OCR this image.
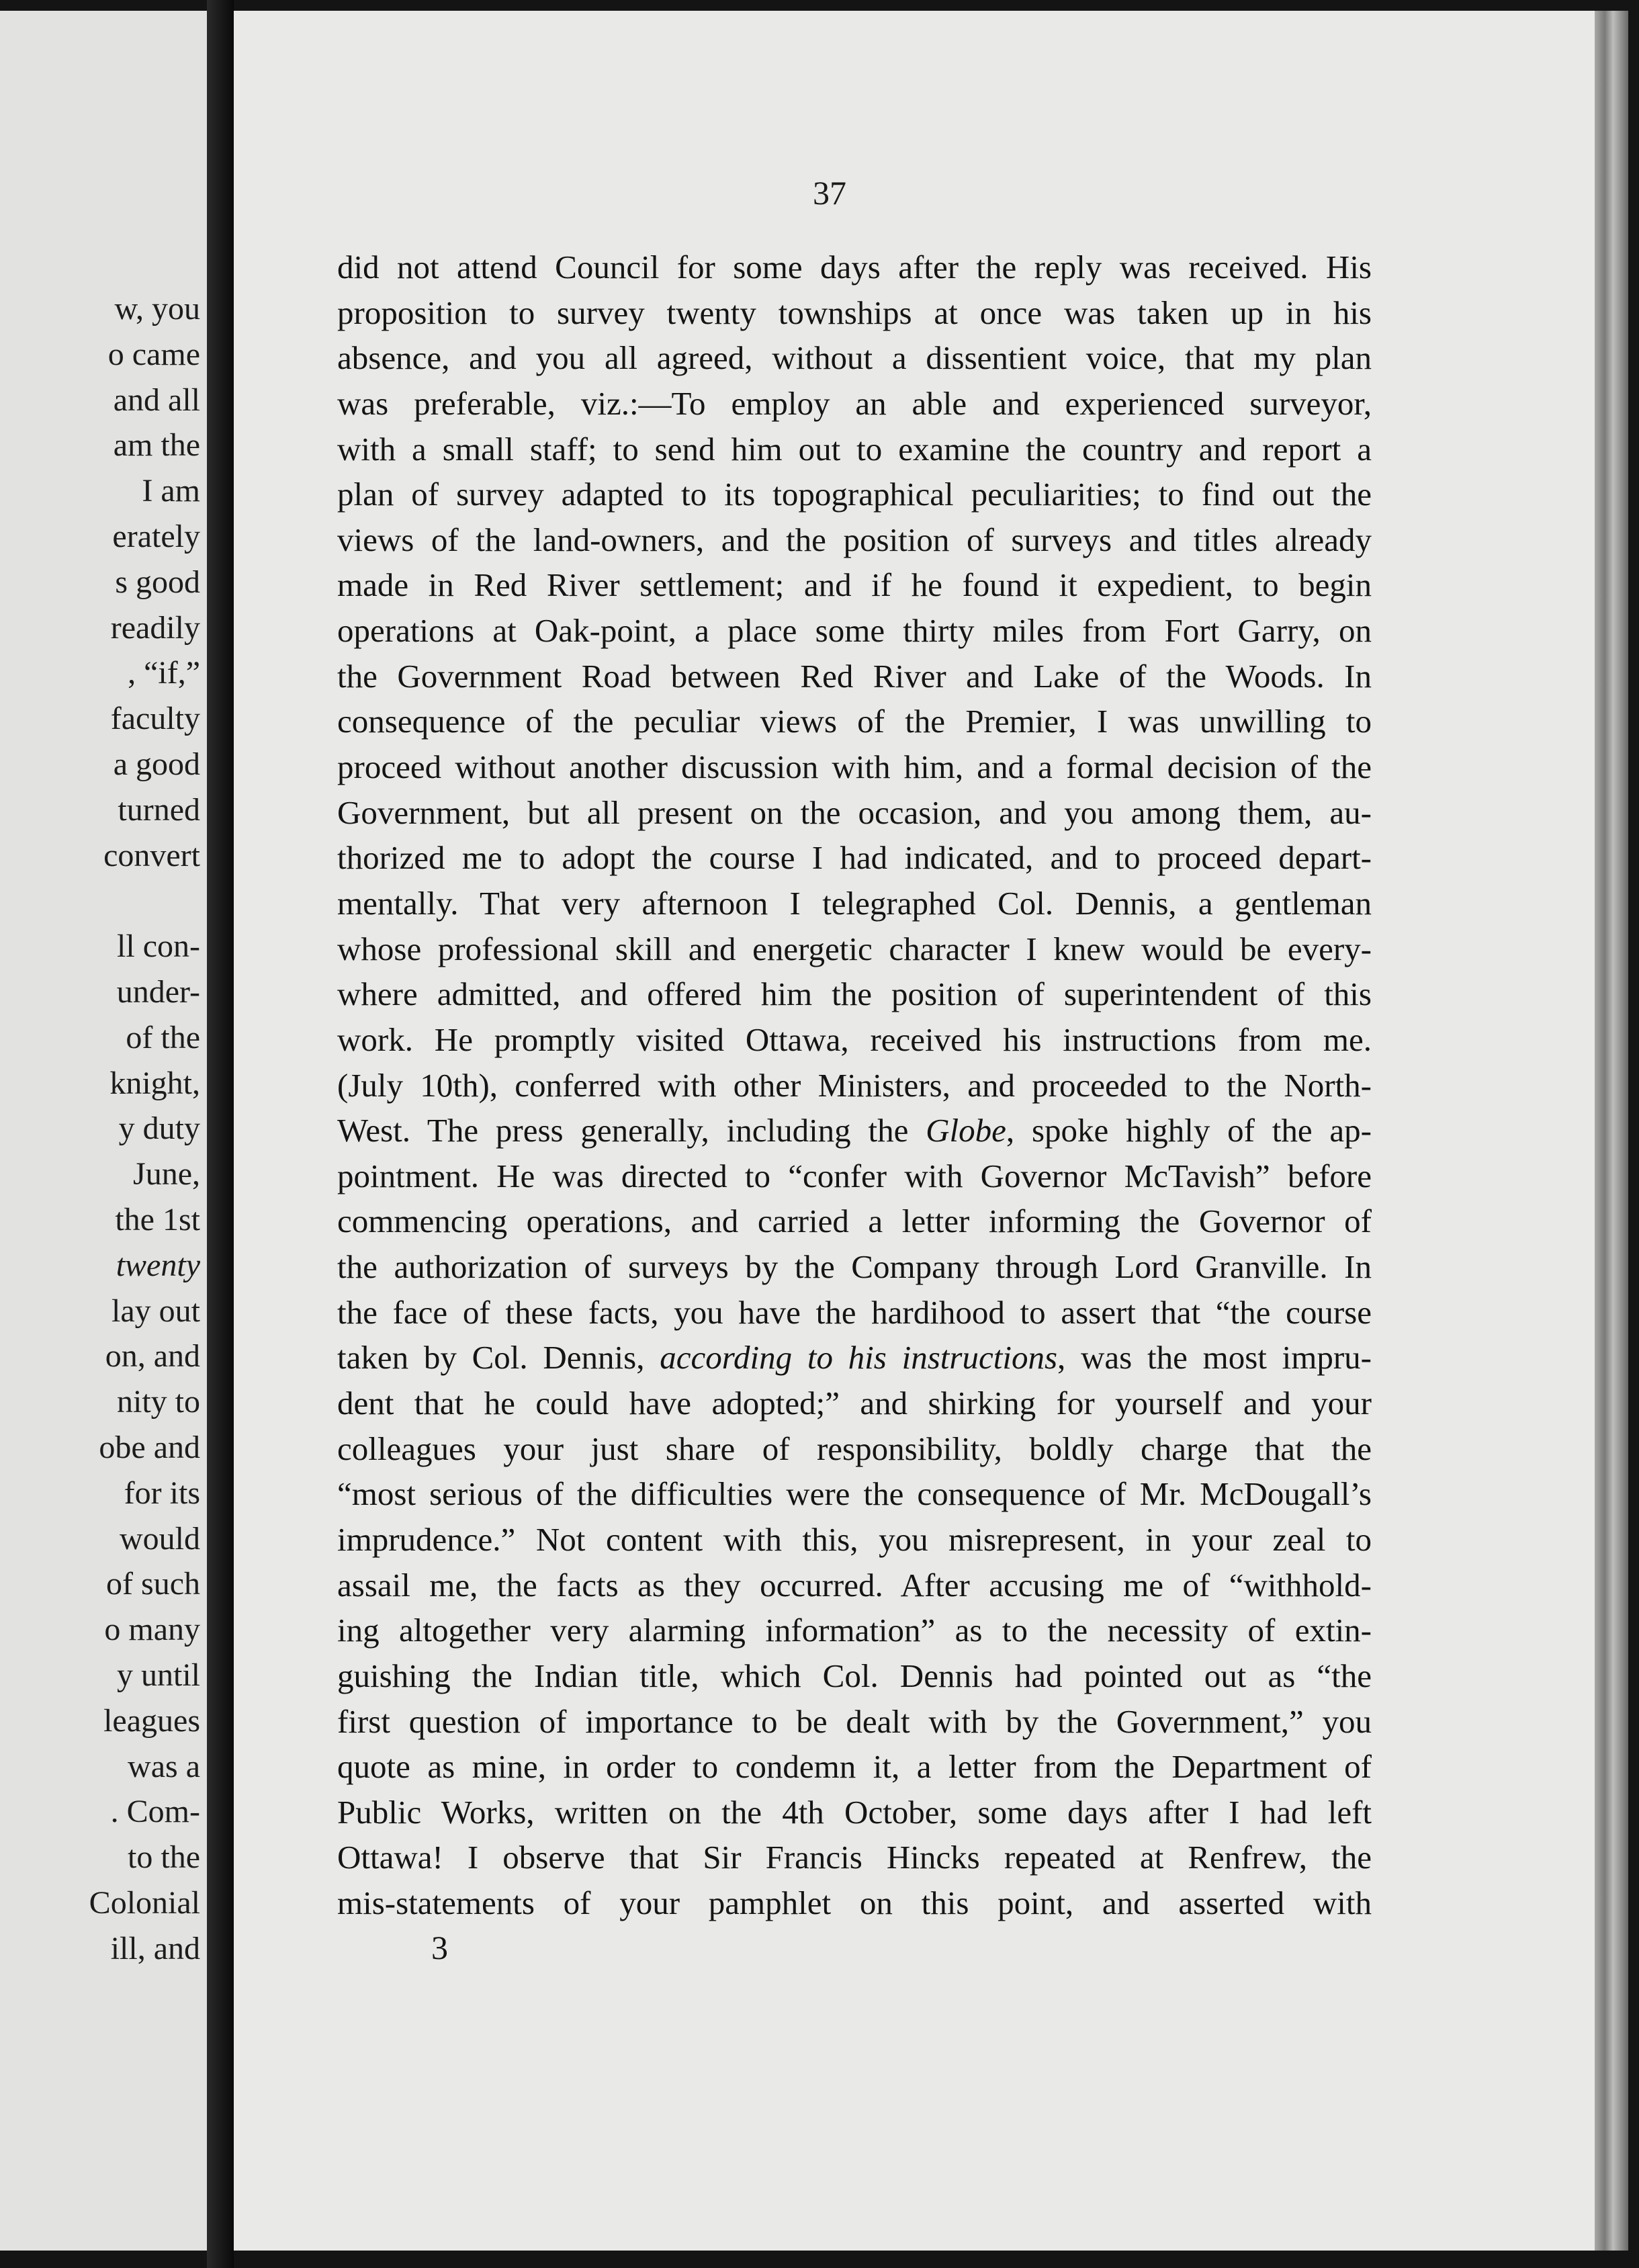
w, you
o came
and all
am the
I am
erately
s good
readily
, “if,”
faculty
a good
turned
convert
ll con-
under-
of the
knight,
y duty
June,
the 1st
twenty
lay out
on, and
nity to
obe and
for its
would
of such
o many
y until
leagues
was a
. Com-
to the
Colonial
ill, and
37
did not attend Council for some days after the reply was received. His
proposition to survey twenty townships at once was taken up in his
absence, and you all agreed, without a dissentient voice, that my plan
was preferable, viz.:—To employ an able and experienced surveyor,
with a small staff; to send him out to examine the country and report a
plan of survey adapted to its topographical peculiarities; to find out the
views of the land-owners, and the position of surveys and titles already
made in Red River settlement; and if he found it expedient, to begin
operations at Oak-point, a place some thirty miles from Fort Garry, on
the Government Road between Red River and Lake of the Woods. In
consequence of the peculiar views of the Premier, I was unwilling to
proceed without another discussion with him, and a formal decision of the
Government, but all present on the occasion, and you among them, au-
thorized me to adopt the course I had indicated, and to proceed depart-
mentally. That very afternoon I telegraphed Col. Dennis, a gentleman
whose professional skill and energetic character I knew would be every-
where admitted, and offered him the position of superintendent of this
work. He promptly visited Ottawa, received his instructions from me.
(July 10th), conferred with other Ministers, and proceeded to the North-
West. The press generally, including the Globe, spoke highly of the ap-
pointment. He was directed to “confer with Governor McTavish” before
commencing operations, and carried a letter informing the Governor of
the authorization of surveys by the Company through Lord Granville. In
the face of these facts, you have the hardihood to assert that “the course
taken by Col. Dennis, according to his instructions, was the most impru-
dent that he could have adopted;” and shirking for yourself and your
colleagues your just share of responsibility, boldly charge that the
“most serious of the difficulties were the consequence of Mr. McDougall’s
imprudence.” Not content with this, you misrepresent, in your zeal to
assail me, the facts as they occurred. After accusing me of “withhold-
ing altogether very alarming information” as to the necessity of extin-
guishing the Indian title, which Col. Dennis had pointed out as “the
first question of importance to be dealt with by the Government,” you
quote as mine, in order to condemn it, a letter from the Department of
Public Works, written on the 4th October, some days after I had left
Ottawa! I observe that Sir Francis Hincks repeated at Renfrew, the
mis-statements of your pamphlet on this point, and asserted with
3
